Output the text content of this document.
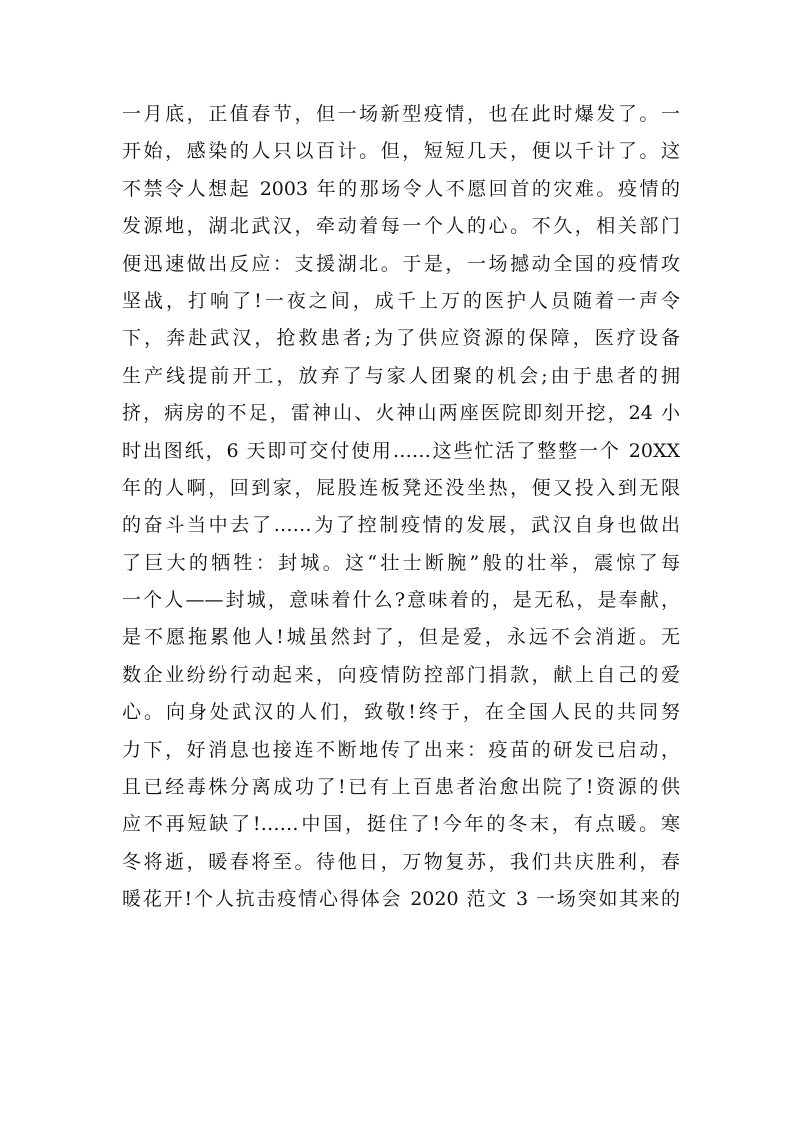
一月底，正值春节，但一场新型疫情，也在此时爆发了。一
开始，感染的人只以百计。但，短短几天，便以千计了。这
不禁令人想起 2003 年的那场令人不愿回首的灾难。疫情的
发源地，湖北武汉，牵动着每一个人的心。不久，相关部门
便迅速做出反应：支援湖北。于是，一场撼动全国的疫情攻
坚战，打响了!一夜之间，成千上万的医护人员随着一声令
下，奔赴武汉，抢救患者;为了供应资源的保障，医疗设备
生产线提前开工，放弃了与家人团聚的机会;由于患者的拥
挤，病房的不足，雷神山、火神山两座医院即刻开挖，24 小
时出图纸，6 天即可交付使用……这些忙活了整整一个 20XX
年的人啊，回到家，屁股连板凳还没坐热，便又投入到无限
的奋斗当中去了……为了控制疫情的发展，武汉自身也做出
了巨大的牺牲：封城。这“壮士断腕”般的壮举，震惊了每
一个人——封城，意味着什么?意味着的，是无私，是奉献，
是不愿拖累他人!城虽然封了，但是爱，永远不会消逝。无
数企业纷纷行动起来，向疫情防控部门捐款，献上自己的爱
心。向身处武汉的人们，致敬!终于，在全国人民的共同努
力下，好消息也接连不断地传了出来：疫苗的研发已启动，
且已经毒株分离成功了!已有上百患者治愈出院了!资源的供
应不再短缺了!……中国，挺住了!今年的冬末，有点暖。寒
冬将逝，暖春将至。待他日，万物复苏，我们共庆胜利，春
暖花开!个人抗击疫情心得体会 2020 范文 3 一场突如其来的
